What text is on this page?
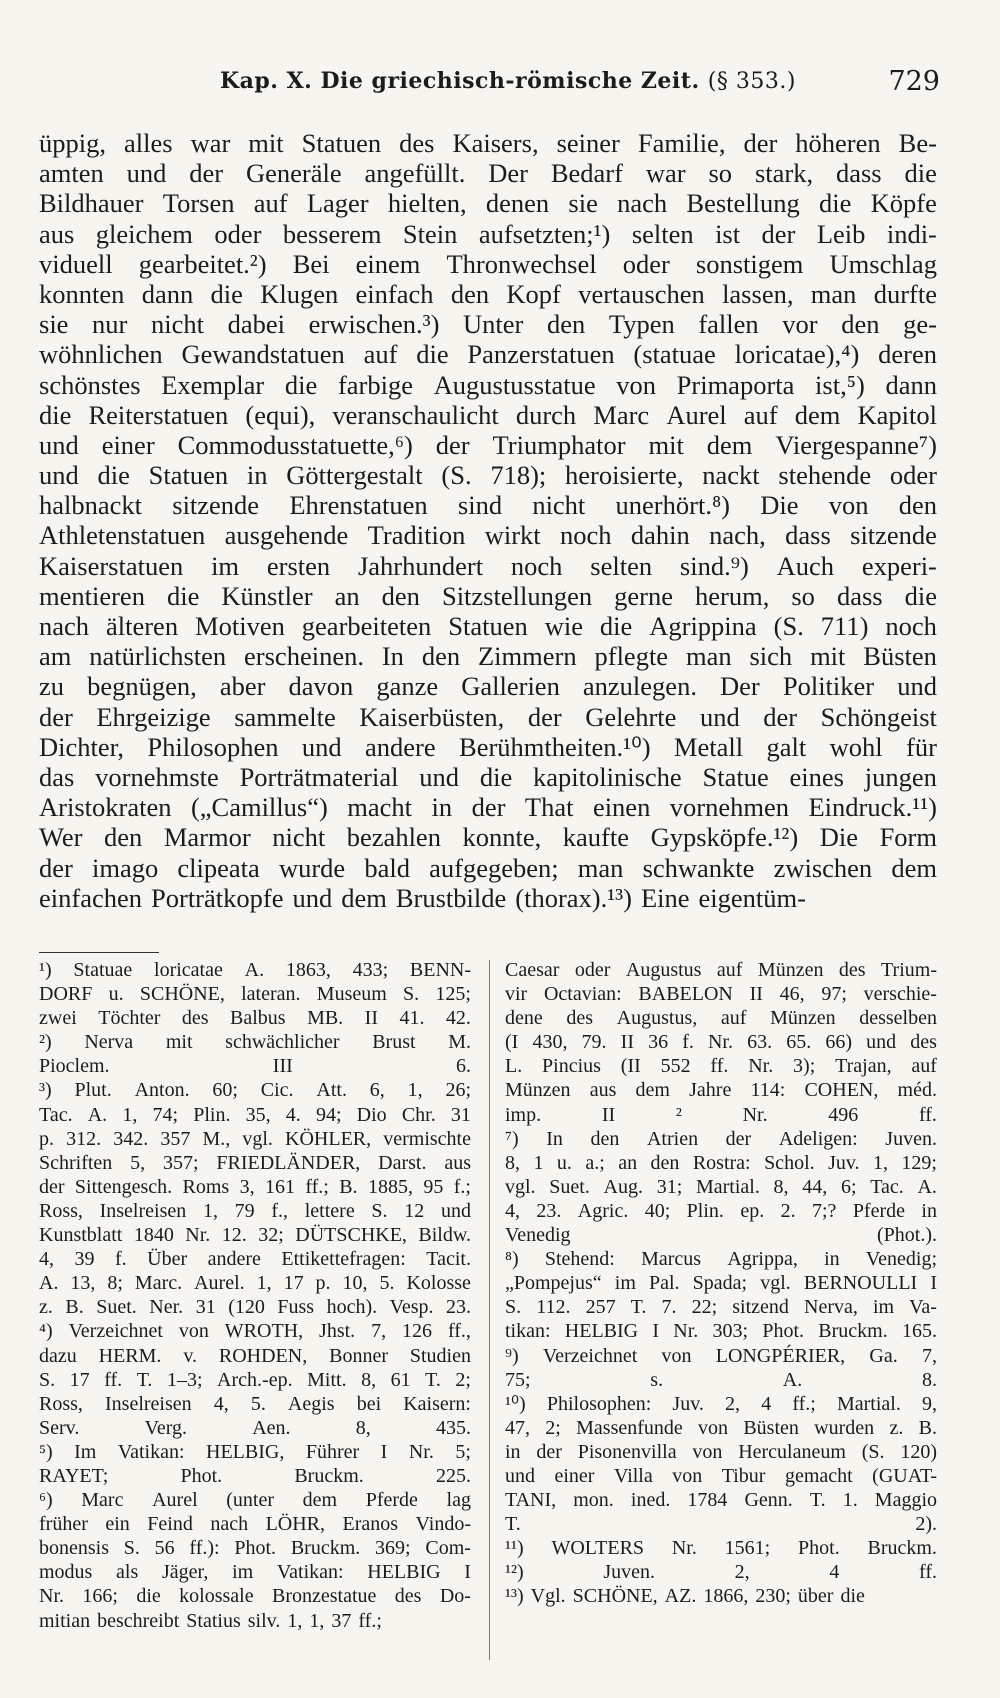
Kap. X. Die griechisch-römische Zeit. (§ 353.)	729
üppig, alles war mit Statuen des Kaisers, seiner Familie, der höheren Be-
amten und der Generäle angefüllt. Der Bedarf war so stark, dass die
Bildhauer Torsen auf Lager hielten, denen sie nach Bestellung die Köpfe
aus gleichem oder besserem Stein aufsetzten;¹) selten ist der Leib indi-
viduell gearbeitet.²) Bei einem Thronwechsel oder sonstigem Umschlag
konnten dann die Klugen einfach den Kopf vertauschen lassen, man durfte
sie nur nicht dabei erwischen.³) Unter den Typen fallen vor den ge-
wöhnlichen Gewandstatuen auf die Panzerstatuen (statuae loricatae),⁴) deren
schönstes Exemplar die farbige Augustusstatue von Primaporta ist,⁵) dann
die Reiterstatuen (equi), veranschaulicht durch Marc Aurel auf dem Kapitol
und einer Commodusstatuette,⁶) der Triumphator mit dem Viergespanne⁷)
und die Statuen in Göttergestalt (S. 718); heroisierte, nackt stehende oder
halbnackt sitzende Ehrenstatuen sind nicht unerhört.⁸) Die von den
Athletenstatuen ausgehende Tradition wirkt noch dahin nach, dass sitzende
Kaiserstatuen im ersten Jahrhundert noch selten sind.⁹) Auch experi-
mentieren die Künstler an den Sitzstellungen gerne herum, so dass die
nach älteren Motiven gearbeiteten Statuen wie die Agrippina (S. 711) noch
am natürlichsten erscheinen. In den Zimmern pflegte man sich mit Büsten
zu begnügen, aber davon ganze Gallerien anzulegen. Der Politiker und
der Ehrgeizige sammelte Kaiserbüsten, der Gelehrte und der Schöngeist
Dichter, Philosophen und andere Berühmtheiten.¹⁰) Metall galt wohl für
das vornehmste Porträtmaterial und die kapitolinische Statue eines jungen
Aristokraten („Camillus“) macht in der That einen vornehmen Eindruck.¹¹)
Wer den Marmor nicht bezahlen konnte, kaufte Gypsköpfe.¹²) Die Form
der imago clipeata wurde bald aufgegeben; man schwankte zwischen dem
einfachen Porträtkopfe und dem Brustbilde (thorax).¹³) Eine eigentüm-
¹) Statuae loricatae A. 1863, 433; BENN-
DORF u. SCHÖNE, lateran. Museum S. 125;
zwei Töchter des Balbus MB. II 41. 42.
²) Nerva mit schwächlicher Brust M.
Pioclem.	III	6.
³) Plut. Anton. 60; Cic. Att. 6, 1, 26;
Tac. A. 1, 74; Plin. 35, 4. 94; Dio Chr. 31
p. 312. 342. 357 M., vgl. KÖHLER, vermischte
Schriften 5, 357; FRIEDLÄNDER, Darst. aus
der Sittengesch. Roms 3, 161 ff.; B. 1885, 95 f.;
Ross, Inselreisen 1, 79 f., lettere S. 12 und
Kunstblatt 1840 Nr. 12. 32; DÜTSCHKE, Bildw.
4, 39 f. Über andere Ettikettefragen: Tacit.
A. 13, 8; Marc. Aurel. 1, 17 p. 10, 5. Kolosse
z. B. Suet. Ner. 31 (120 Fuss hoch). Vesp. 23.
⁴) Verzeichnet von WROTH, Jhst. 7, 126 ff.,
dazu HERM. v. ROHDEN, Bonner Studien
S. 17 ff. T. 1–3; Arch.-ep. Mitt. 8, 61 T. 2;
Ross, Inselreisen 4, 5. Aegis bei Kaisern:
Serv.	Verg.	Aen.	8,	435.
⁵) Im Vatikan: HELBIG, Führer I Nr. 5;
RAYET;	Phot.	Bruckm.	225.
⁶) Marc Aurel (unter dem Pferde lag
früher ein Feind nach LÖHR, Eranos Vindo-
bonensis S. 56 ff.): Phot. Bruckm. 369; Com-
modus als Jäger, im Vatikan: HELBIG I
Nr. 166; die kolossale Bronzestatue des Do-
mitian beschreibt Statius silv. 1, 1, 37 ff.;
Caesar oder Augustus auf Münzen des Trium-
vir Octavian: BABELON II 46, 97; verschie-
dene des Augustus, auf Münzen desselben
(I 430, 79. II 36 f. Nr. 63. 65. 66) und des
L. Pincius (II 552 ff. Nr. 3); Trajan, auf
Münzen aus dem Jahre 114: COHEN, méd.
imp.	II	²	Nr.	496	ff.
⁷) In den Atrien der Adeligen: Juven.
8, 1 u. a.; an den Rostra: Schol. Juv. 1, 129;
vgl. Suet. Aug. 31; Martial. 8, 44, 6; Tac. A.
4, 23. Agric. 40; Plin. ep. 2. 7;? Pferde in
Venedig	(Phot.).
⁸) Stehend: Marcus Agrippa, in Venedig;
„Pompejus“ im Pal. Spada; vgl. BERNOULLI I
S. 112. 257 T. 7. 22; sitzend Nerva, im Va-
tikan: HELBIG I Nr. 303; Phot. Bruckm. 165.
⁹) Verzeichnet von LONGPÉRIER, Ga. 7,
75;	s.	A.	8.
¹⁰) Philosophen: Juv. 2, 4 ff.; Martial. 9,
47, 2; Massenfunde von Büsten wurden z. B.
in der Pisonenvilla von Herculaneum (S. 120)
und einer Villa von Tibur gemacht (GUAT-
TANI, mon. ined. 1784 Genn. T. 1. Maggio
T.	2).
¹¹) WOLTERS Nr. 1561; Phot. Bruckm.
¹²)	Juven.	2,	4	ff.
¹³) Vgl. SCHÖNE, AZ. 1866, 230; über die
